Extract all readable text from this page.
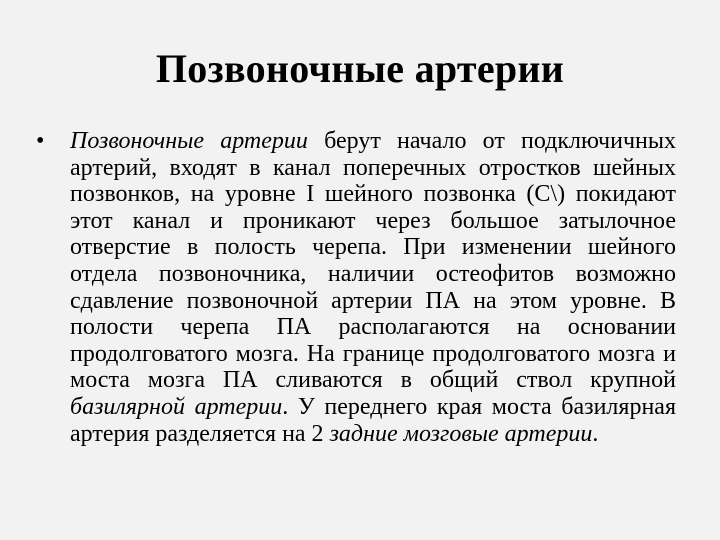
Позвоночные артерии
• Позвоночные артерии берут начало от подключичных артерий, входят в канал поперечных отростков шейных позвонков, на уровне I шейного позвонка (C\) покидают этот канал и проникают через большое затылочное отверстие в полость черепа. При изменении шейного отдела позвоночника, наличии остеофитов возможно сдавление позвоночной артерии ПА на этом уровне. В полости черепа ПА располагаются на основании продолговатого мозга. На границе продолговатого мозга и моста мозга ПА сливаются в общий ствол крупной базилярной артерии. У переднего края моста базилярная артерия разделяется на 2 задние мозговые артерии.
